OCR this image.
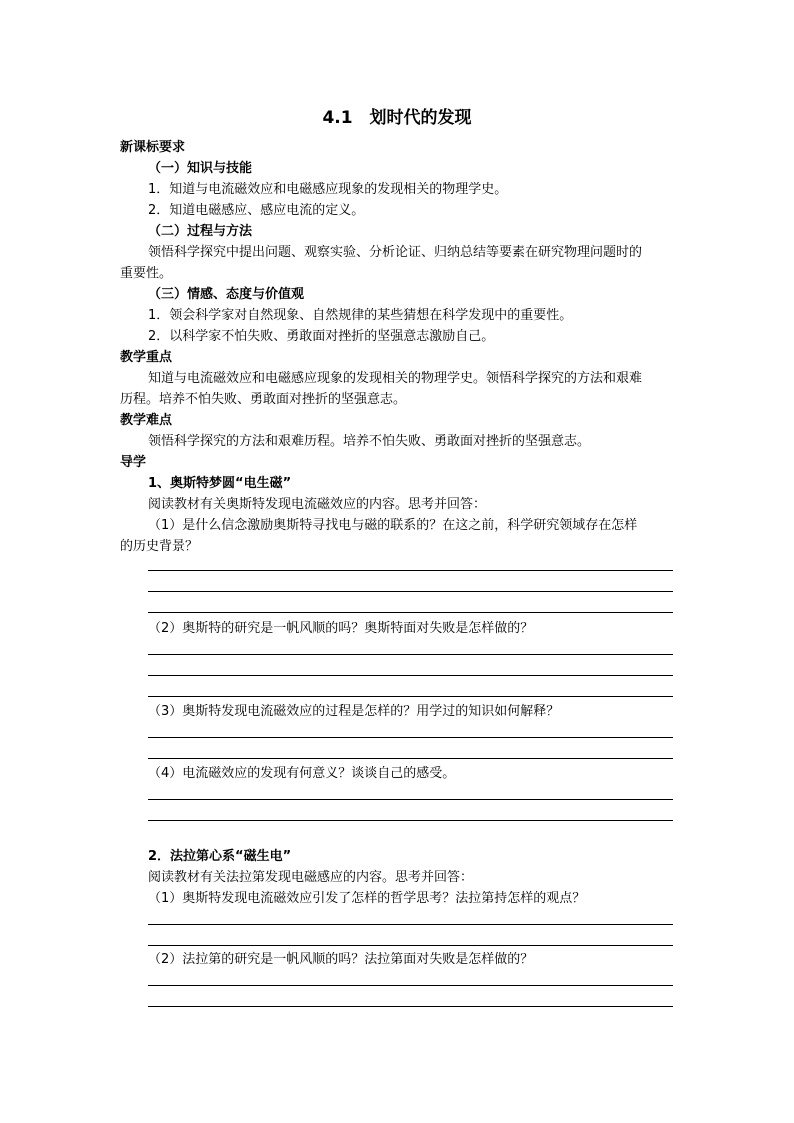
4.1　划时代的发现
新课标要求
（一）知识与技能
1．知道与电流磁效应和电磁感应现象的发现相关的物理学史。
2．知道电磁感应、感应电流的定义。
（二）过程与方法
领悟科学探究中提出问题、观察实验、分析论证、归纳总结等要素在研究物理问题时的
重要性。
（三）情感、态度与价值观
1．领会科学家对自然现象、自然规律的某些猜想在科学发现中的重要性。
2．以科学家不怕失败、勇敢面对挫折的坚强意志激励自己。
教学重点
知道与电流磁效应和电磁感应现象的发现相关的物理学史。领悟科学探究的方法和艰难
历程。培养不怕失败、勇敢面对挫折的坚强意志。
教学难点
领悟科学探究的方法和艰难历程。培养不怕失败、勇敢面对挫折的坚强意志。
导学
1、奥斯特梦圆“电生磁”
阅读教材有关奥斯特发现电流磁效应的内容。思考并回答：
（1）是什么信念激励奥斯特寻找电与磁的联系的？在这之前，科学研究领域存在怎样
的历史背景？
（2）奥斯特的研究是一帆风顺的吗？奥斯特面对失败是怎样做的？
（3）奥斯特发现电流磁效应的过程是怎样的？用学过的知识如何解释？
（4）电流磁效应的发现有何意义？谈谈自己的感受。
2．法拉第心系“磁生电”
阅读教材有关法拉第发现电磁感应的内容。思考并回答：
（1）奥斯特发现电流磁效应引发了怎样的哲学思考？法拉第持怎样的观点？
（2）法拉第的研究是一帆风顺的吗？法拉第面对失败是怎样做的？
